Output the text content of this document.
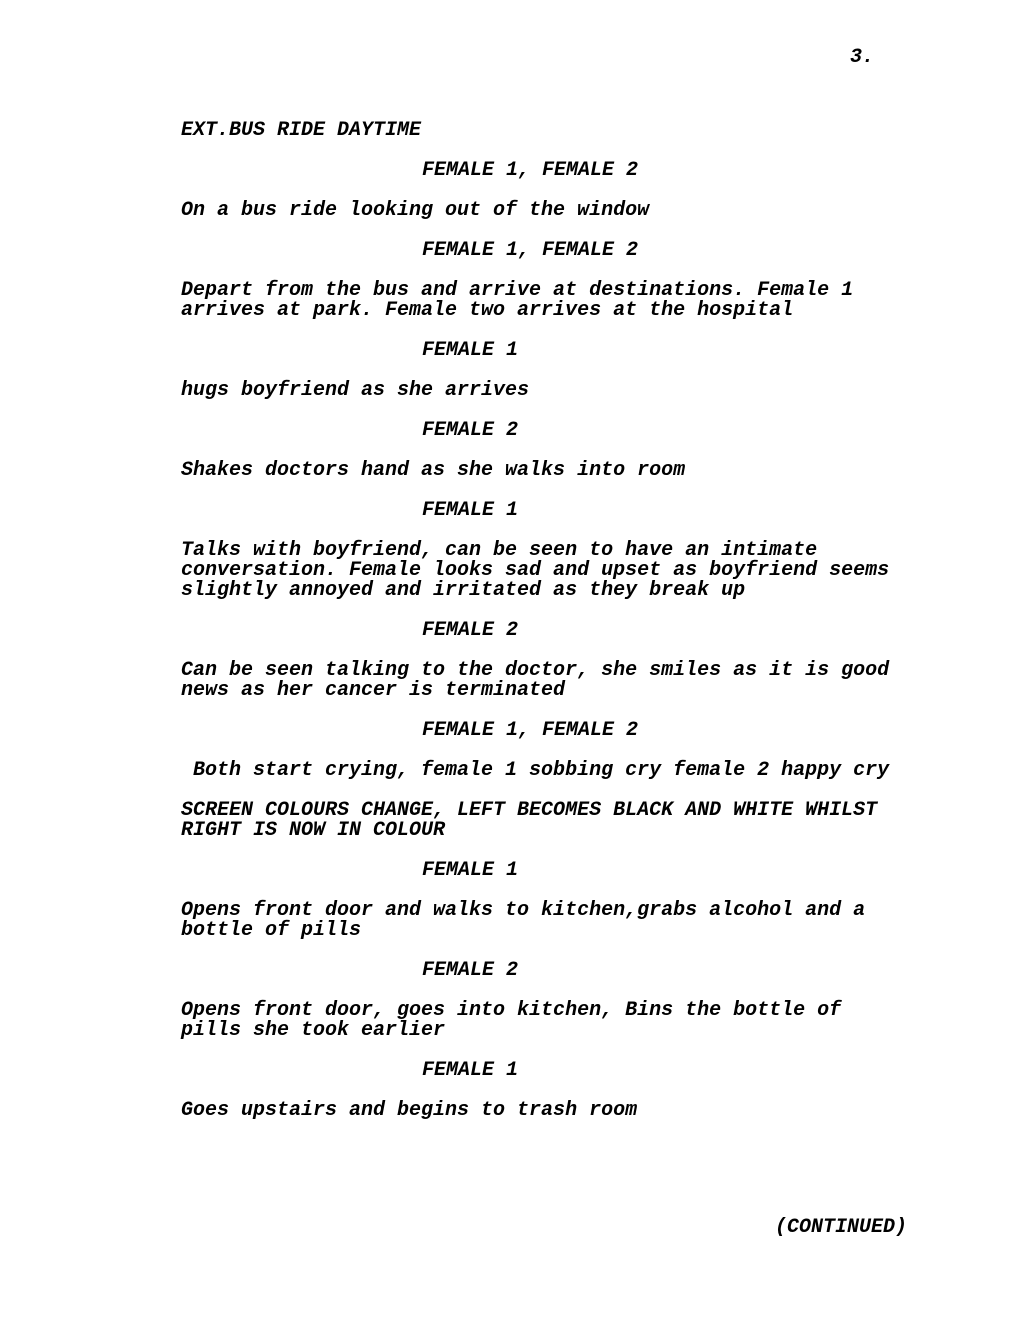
3.
EXT.BUS RIDE DAYTIME
FEMALE 1, FEMALE 2
On a bus ride looking out of the window
FEMALE 1, FEMALE 2
Depart from the bus and arrive at destinations. Female 1
arrives at park. Female two arrives at the hospital
FEMALE 1
hugs boyfriend as she arrives
FEMALE 2
Shakes doctors hand as she walks into room
FEMALE 1
Talks with boyfriend, can be seen to have an intimate
conversation. Female looks sad and upset as boyfriend seems
slightly annoyed and irritated as they break up
FEMALE 2
Can be seen talking to the doctor, she smiles as it is good
news as her cancer is terminated
FEMALE 1, FEMALE 2
Both start crying, female 1 sobbing cry female 2 happy cry
SCREEN COLOURS CHANGE, LEFT BECOMES BLACK AND WHITE WHILST
RIGHT IS NOW IN COLOUR
FEMALE 1
Opens front door and walks to kitchen,grabs alcohol and a
bottle of pills
FEMALE 2
Opens front door, goes into kitchen, Bins the bottle of
pills she took earlier
FEMALE 1
Goes upstairs and begins to trash room
(CONTINUED)
